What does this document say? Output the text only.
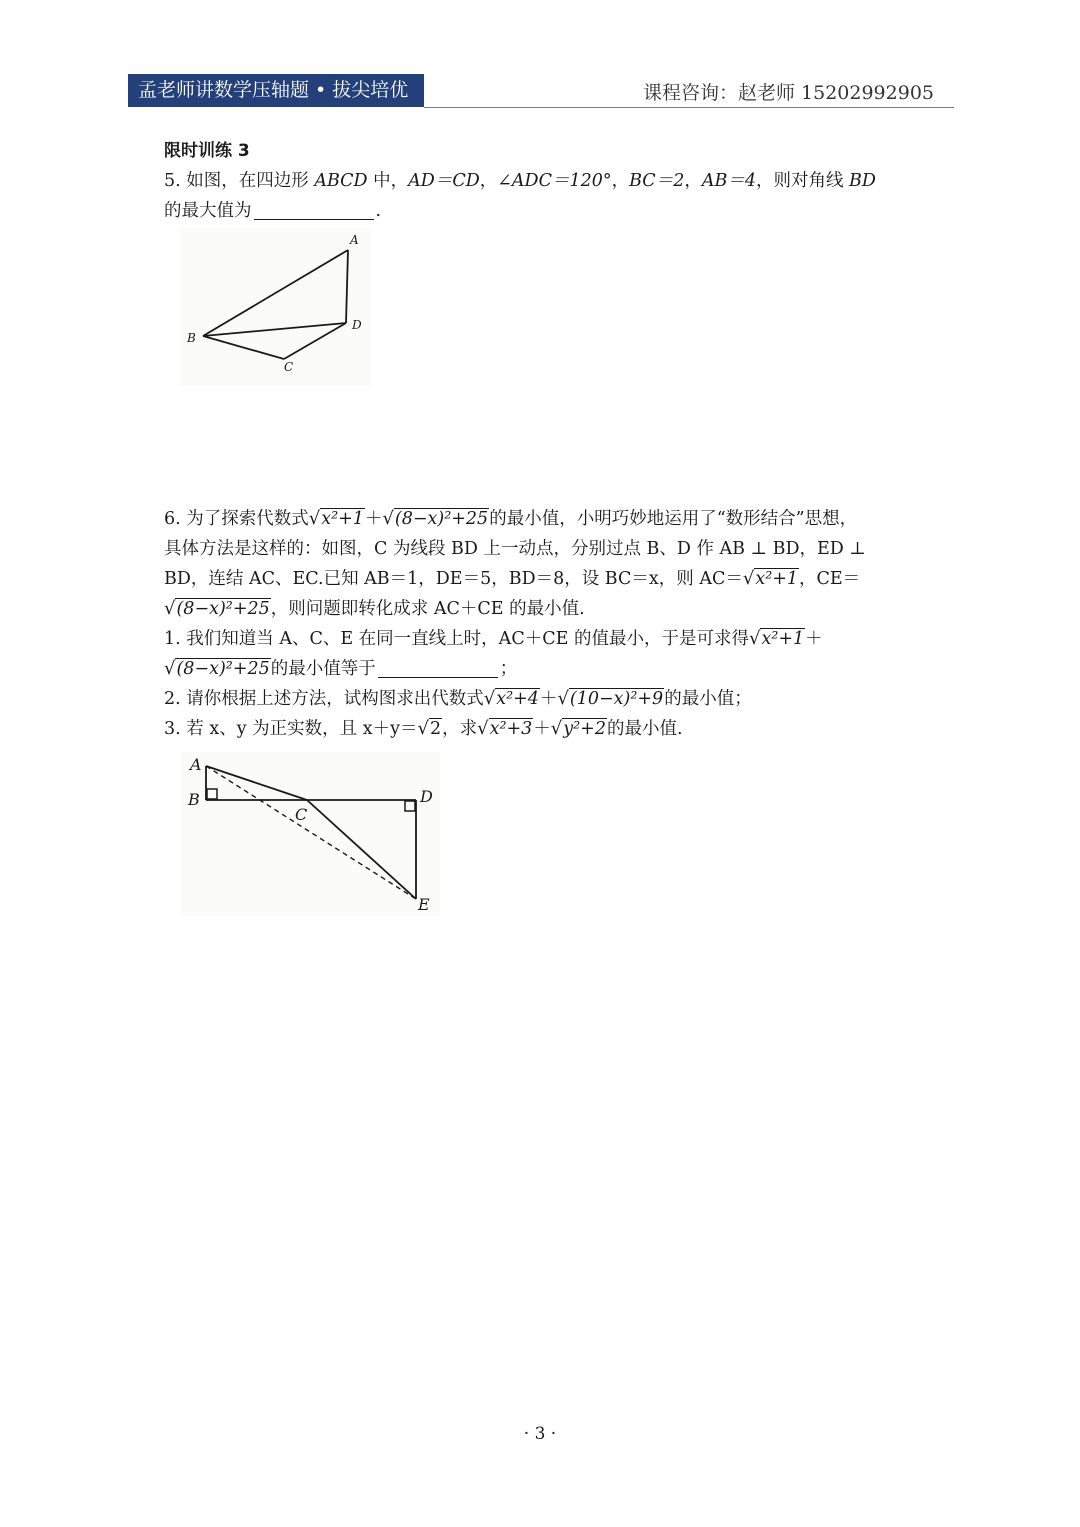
孟老师讲数学压轴题 • 拔尖培优	课程咨询：赵老师 15202992905

限时训练 3

5. 如图，在四边形 ABCD 中，AD＝CD，∠ADC＝120°，BC＝2，AB＝4，则对角线 BD
的最大值为	.

6. 为了探索代数式√x²+1＋√(8−x)²+25的最小值，小明巧妙地运用了“数形结合”思想，
具体方法是这样的：如图，C 为线段 BD 上一动点，分别过点 B、D 作 AB ⊥ BD，ED ⊥
BD，连结 AC、EC.已知 AB＝1，DE＝5，BD＝8，设 BC＝x，则 AC＝√x²+1，CE＝
√(8−x)²+25，则问题即转化成求 AC＋CE 的最小值.
1. 我们知道当 A、C、E 在同一直线上时，AC＋CE 的值最小，于是可求得√x²+1＋
√(8−x)²+25的最小值等于	；
2. 请你根据上述方法，试构图求出代数式√x²+4＋√(10−x)²+9的最小值；
3. 若 x、y 为正实数，且 x＋y＝√2，求√x²+3＋√y²+2的最小值.

A
B
C
D
A
B
C
D
E
· 3 ·
